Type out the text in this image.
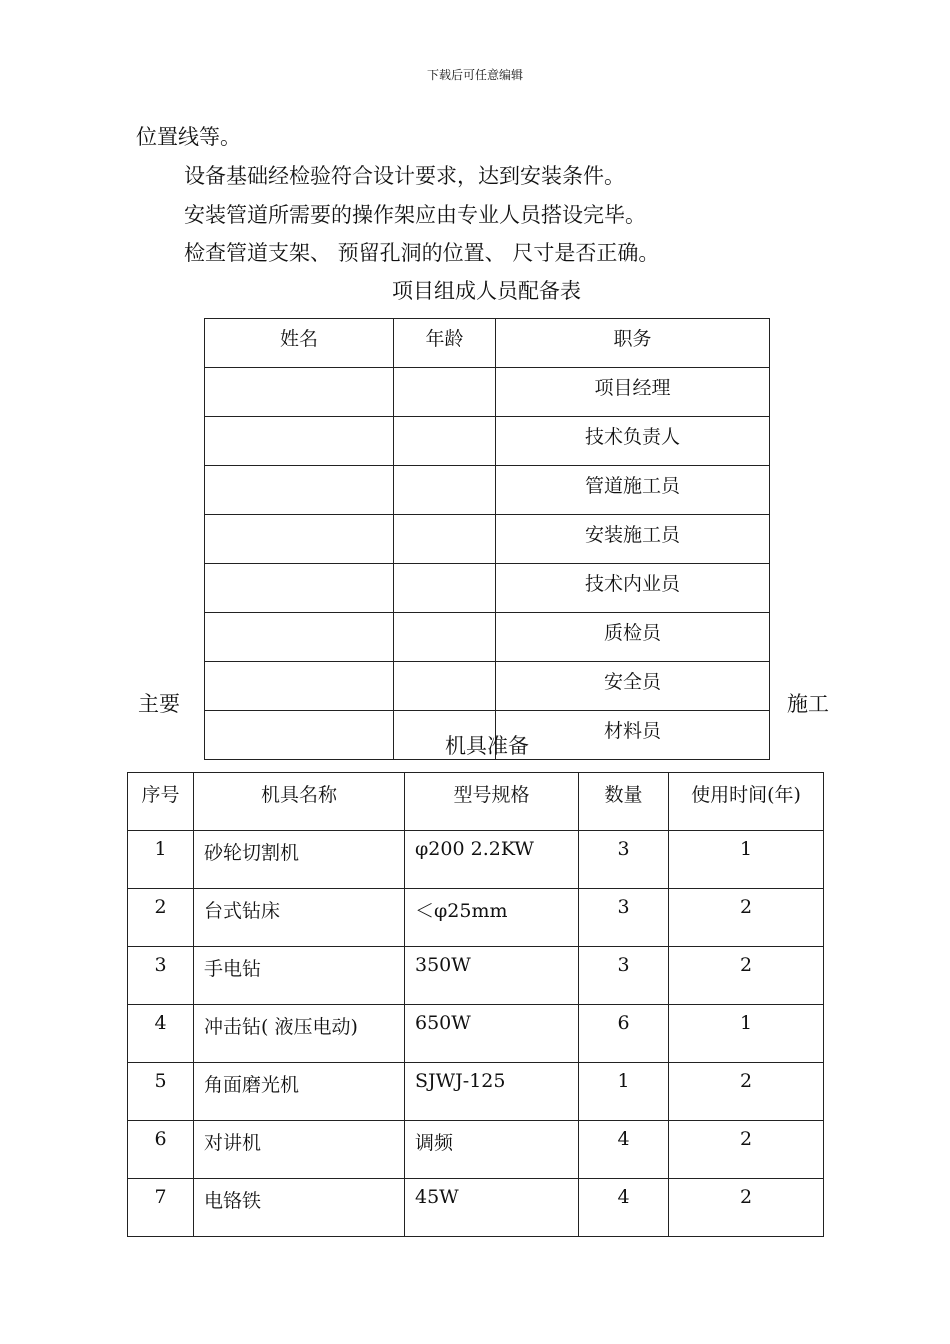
下载后可任意编辑
位置线等。
设备基础经检验符合设计要求，达到安装条件。
安装管道所需要的操作架应由专业人员搭设完毕。
检查管道支架、 预留孔洞的位置、 尺寸是否正确。
项目组成人员配备表
姓名	年龄	职务
		项目经理
		技术负责人
		管道施工员
		安装施工员
		技术内业员
		质检员
		安全员
		材料员
主要	施工
机具准备
序号	机具名称	型号规格	数量	使用时间(年)
1	砂轮切割机	φ200 2.2KW	3	1
2	台式钻床	＜φ25mm	3	2
3	手电钻	350W	3	2
4	冲击钻( 液压电动)	650W	6	1
5	角面磨光机	SJWJ-125	1	2
6	对讲机	调频	4	2
7	电铬铁	45W	4	2
